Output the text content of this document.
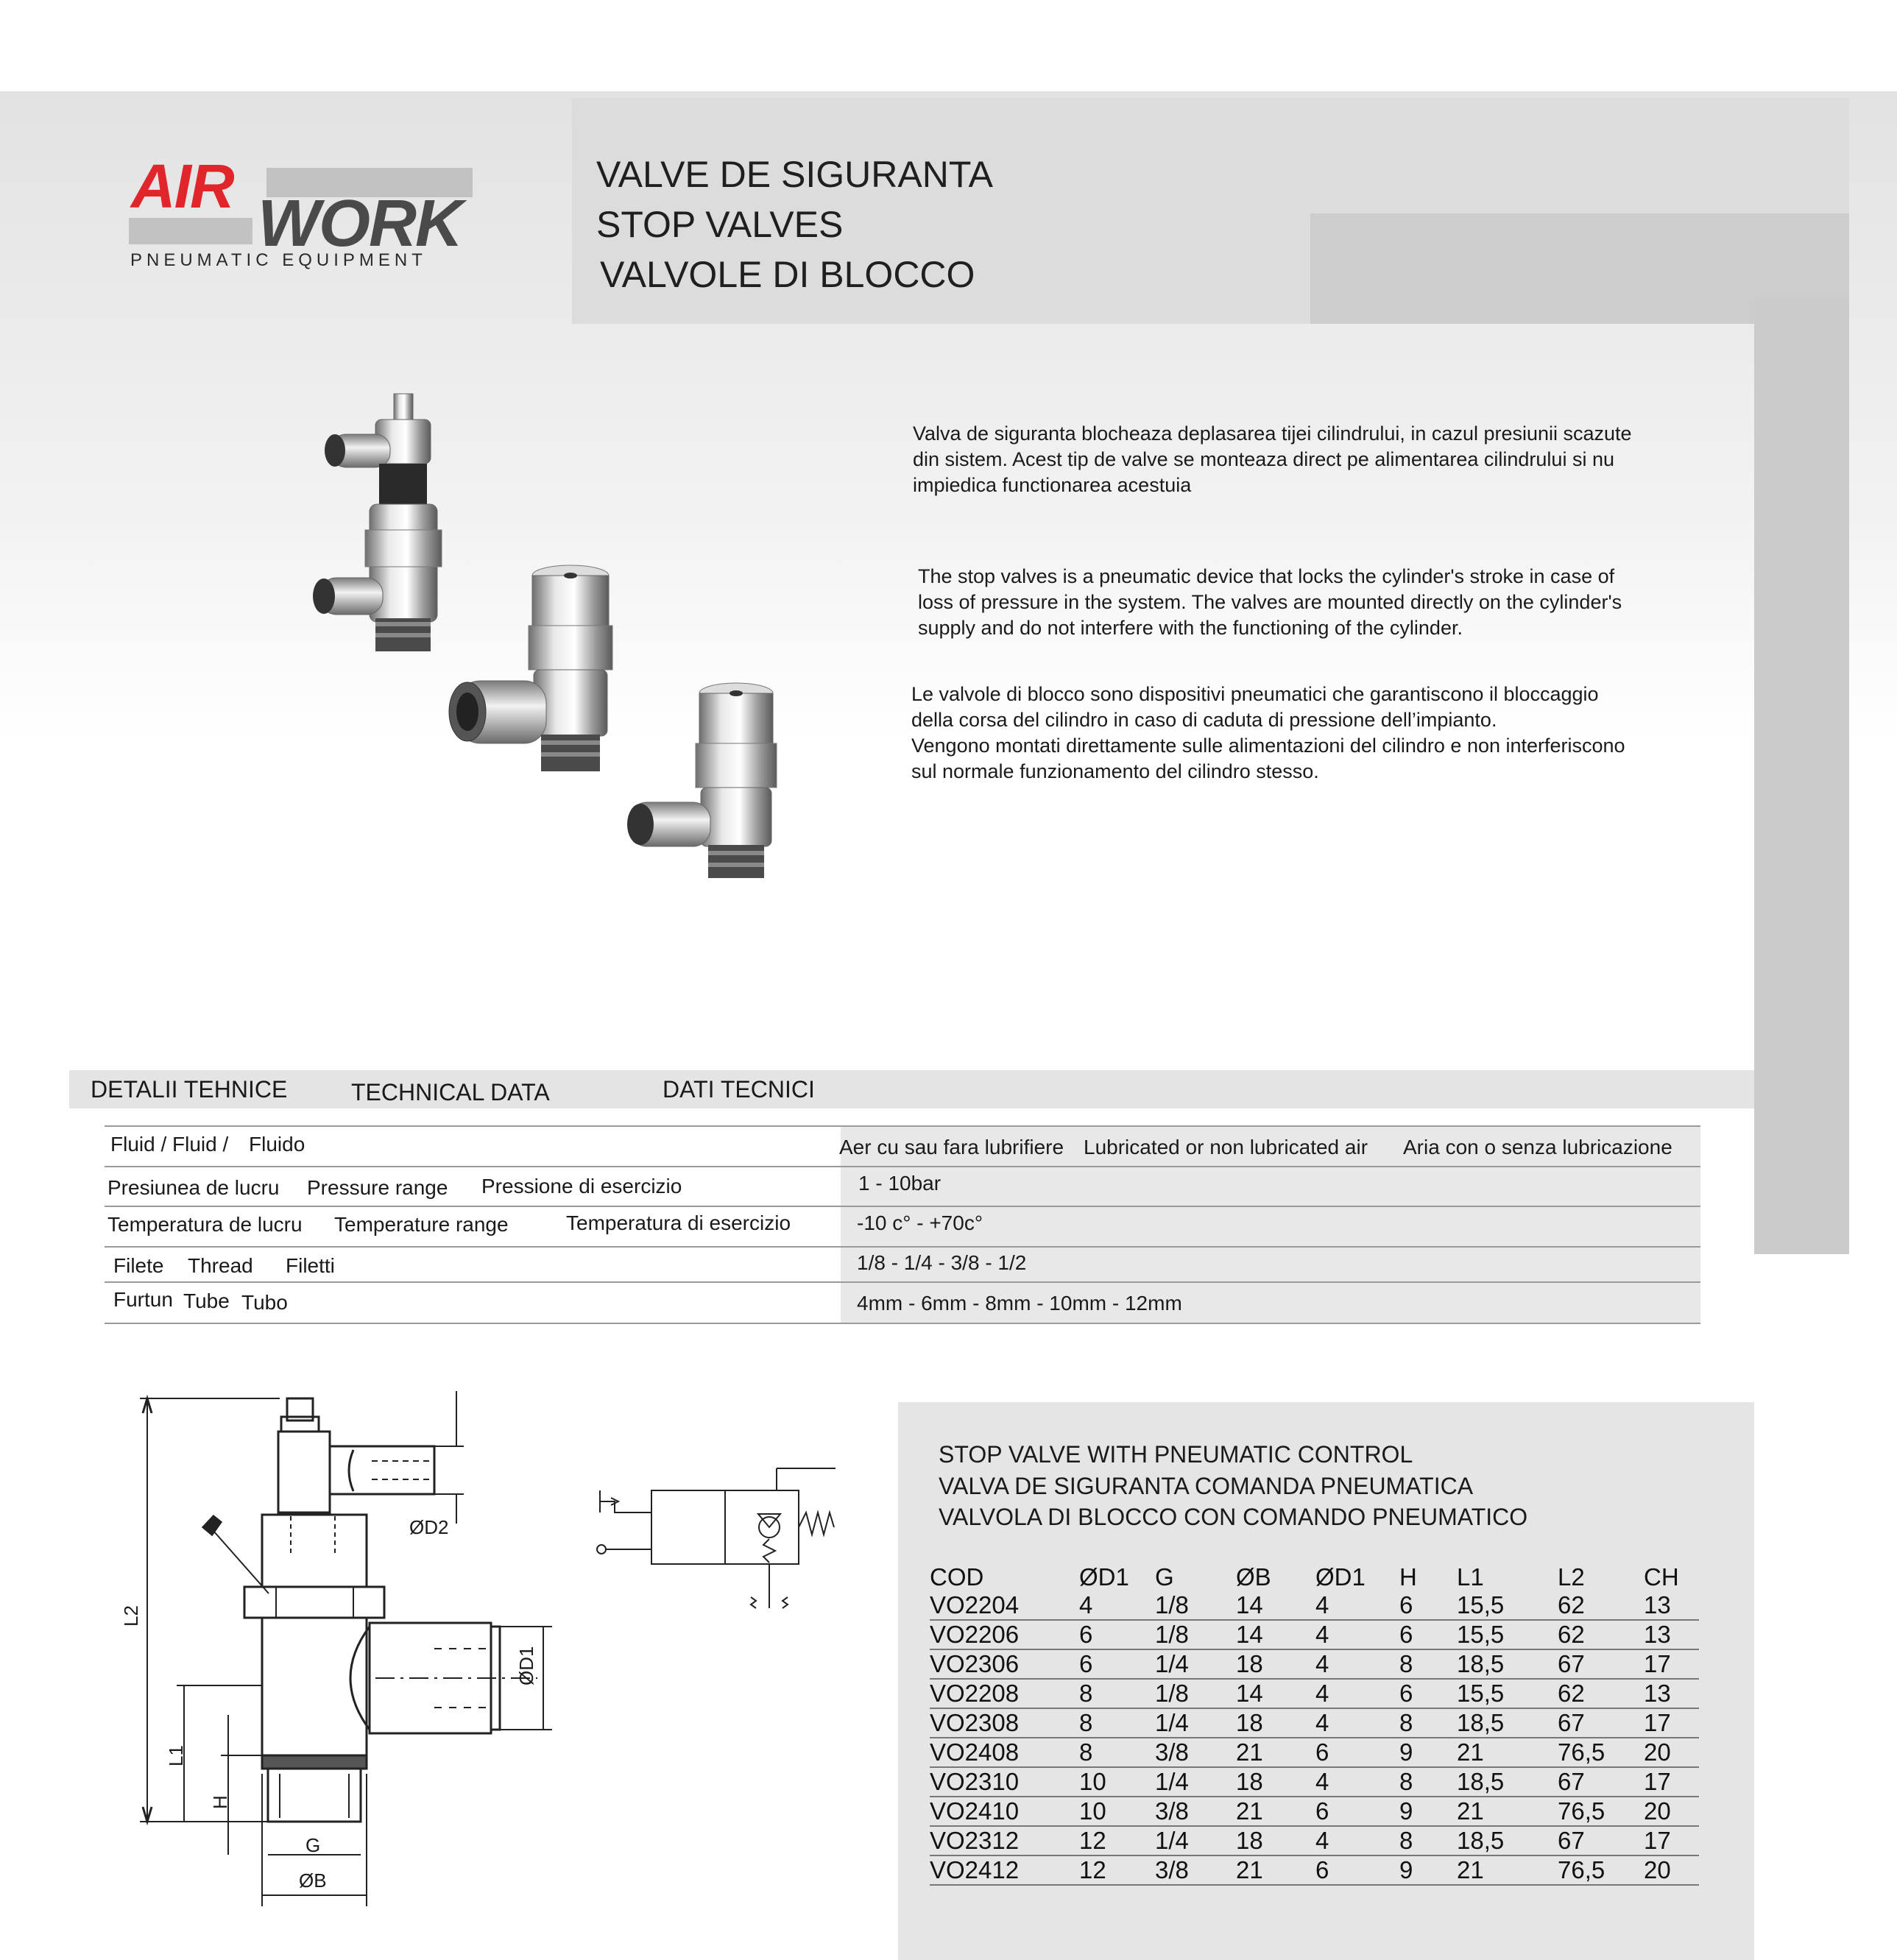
AIR
WORK
PNEUMATIC EQUIPMENT
VALVE DE SIGURANTA
STOP VALVES
VALVOLE DI BLOCCO
Valva de siguranta blocheaza deplasarea tijei cilindrului, in cazul presiunii scazute
din sistem. Acest tip de valve se monteaza direct pe alimentarea cilindrului si nu
impiedica functionarea acestuia
The stop valves is a pneumatic device that locks the cylinder's stroke in case of
loss of pressure in the system. The valves are mounted directly on the cylinder's
supply and do not interfere with the functioning of the cylinder.
Le valvole di blocco sono dispositivi pneumatici che garantiscono il bloccaggio
della corsa del cilindro in caso di caduta di pressione dell’impianto.
Vengono montati direttamente sulle alimentazioni del cilindro e non interferiscono
sul normale funzionamento del cilindro stesso.
DETALII TEHNICE	TECHNICAL DATA	DATI TECNICI
Fluid / Fluid / Fluido	Aer cu sau fara lubrifiere Lubricated or non lubricated air Aria con o senza lubricazione
Presiunea de lucru Pressure range Pressione di esercizio	1 - 10bar
Temperatura de lucru Temperature range	Temperatura di esercizio	-10 c° - +70c°
Filete Thread Filetti	1/8 - 1/4 - 3/8 - 1/2
Furtun Tube Tubo	4mm - 6mm - 8mm - 10mm - 12mm
ØD2
ØD1
L2
L1
H
G
ØB
STOP VALVE WITH PNEUMATIC CONTROL
VALVA DE SIGURANTA COMANDA PNEUMATICA
VALVOLA DI BLOCCO CON COMANDO PNEUMATICO
COD	ØD1	G	ØB	ØD1	H	L1	L2	CH
VO2204	4	1/8	14	4	6	15,5	62	13
VO2206	6	1/8	14	4	6	15,5	62	13
VO2306	6	1/4	18	4	8	18,5	67	17
VO2208	8	1/8	14	4	6	15,5	62	13
VO2308	8	1/4	18	4	8	18,5	67	17
VO2408	8	3/8	21	6	9	21	76,5	20
VO2310	10	1/4	18	4	8	18,5	67	17
VO2410	10	3/8	21	6	9	21	76,5	20
VO2312	12	1/4	18	4	8	18,5	67	17
VO2412	12	3/8	21	6	9	21	76,5	20
